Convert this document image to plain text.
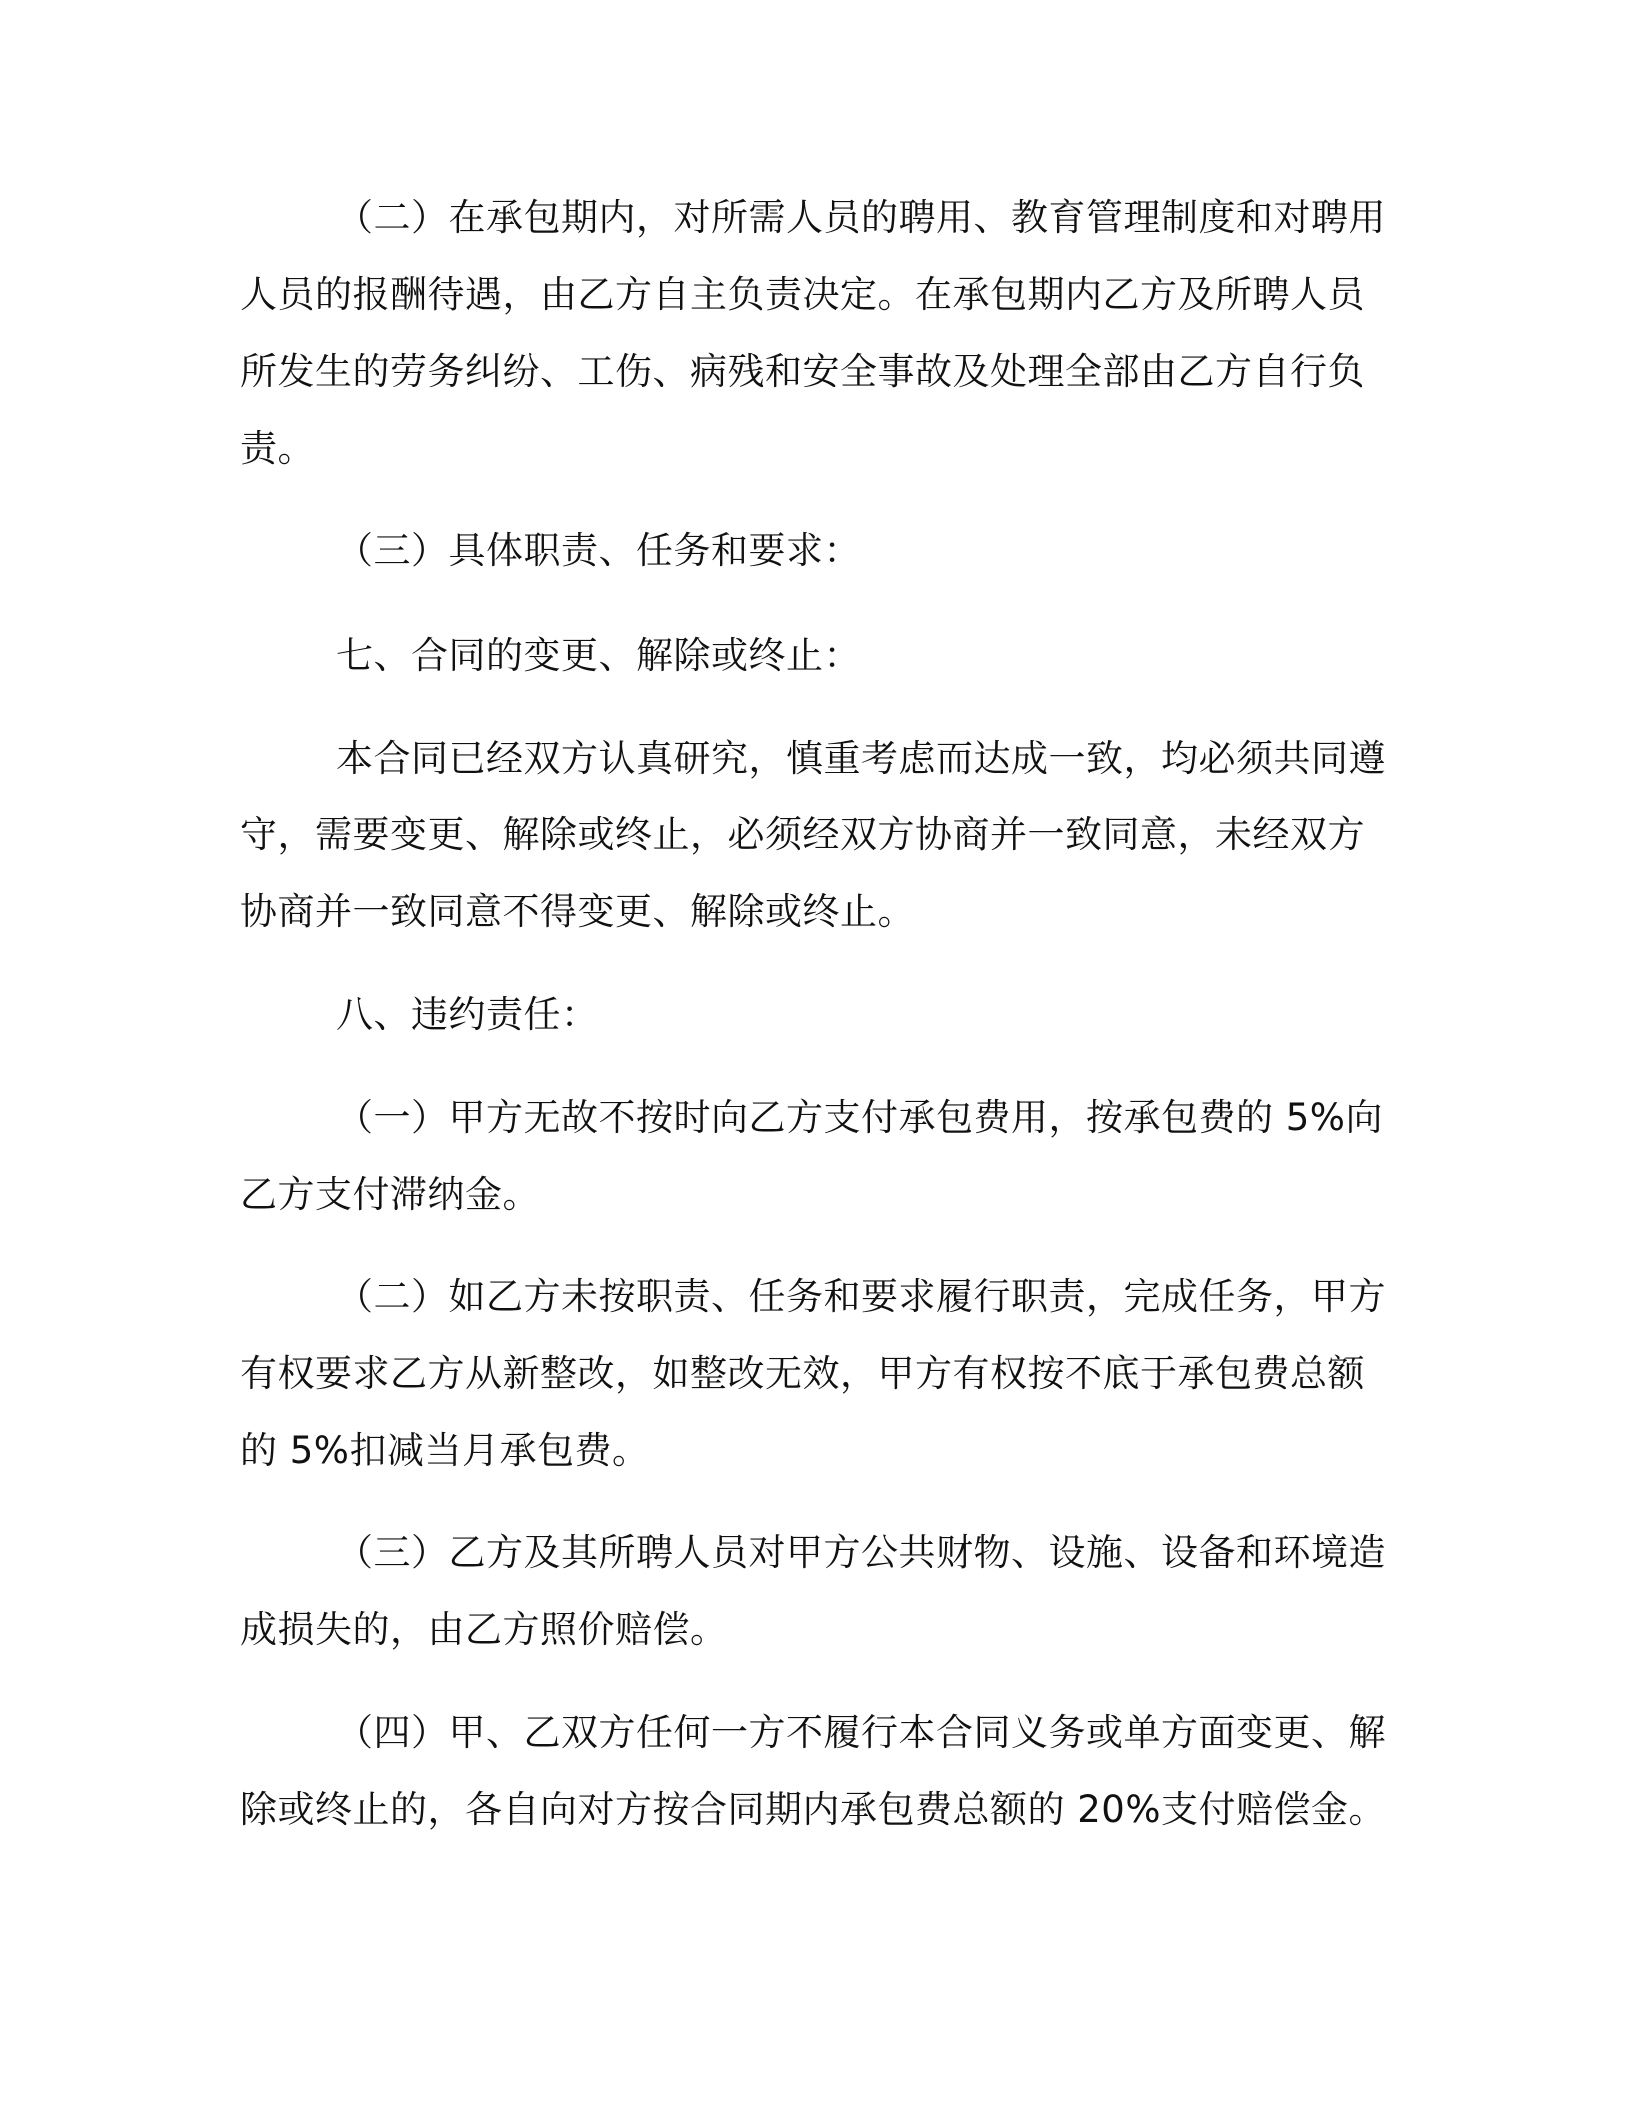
（二）在承包期内，对所需人员的聘用、教育管理制度和对聘用
人员的报酬待遇，由乙方自主负责决定。在承包期内乙方及所聘人员
所发生的劳务纠纷、工伤、病残和安全事故及处理全部由乙方自行负
责。
（三）具体职责、任务和要求：
七、合同的变更、解除或终止：
本合同已经双方认真研究，慎重考虑而达成一致，均必须共同遵
守，需要变更、解除或终止，必须经双方协商并一致同意，未经双方
协商并一致同意不得变更、解除或终止。
八、违约责任：
（一）甲方无故不按时向乙方支付承包费用，按承包费的 5%向
乙方支付滞纳金。
（二）如乙方未按职责、任务和要求履行职责，完成任务，甲方
有权要求乙方从新整改，如整改无效，甲方有权按不底于承包费总额
的 5%扣减当月承包费。
（三）乙方及其所聘人员对甲方公共财物、设施、设备和环境造
成损失的，由乙方照价赔偿。
（四）甲、乙双方任何一方不履行本合同义务或单方面变更、解
除或终止的，各自向对方按合同期内承包费总额的 20%支付赔偿金。
